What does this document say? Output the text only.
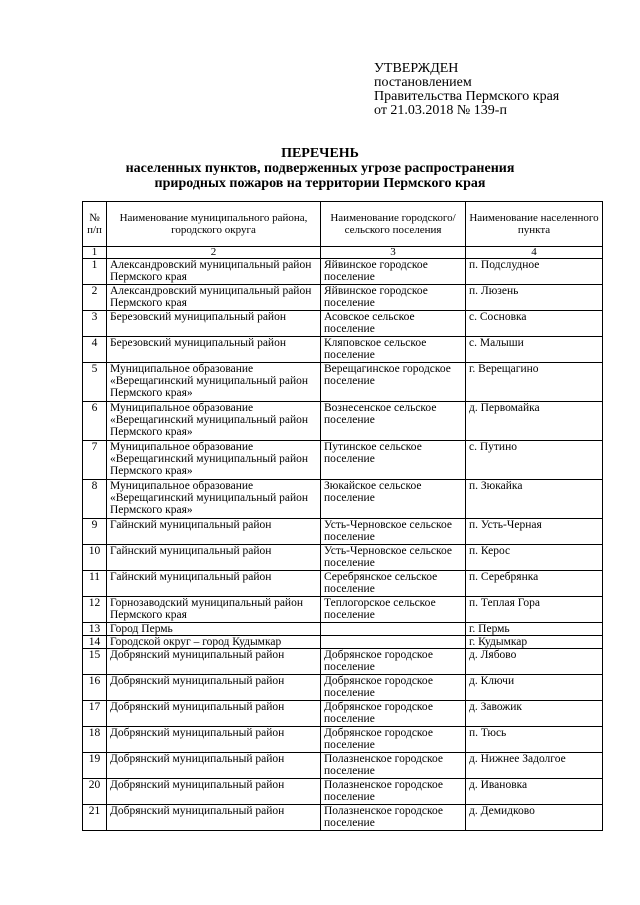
УТВЕРЖДЕН
постановлением
Правительства Пермского края
от 21.03.2018 № 139-п
ПЕРЕЧЕНЬ
населенных пунктов, подверженных угрозе распространения
природных пожаров на территории Пермского края
№ п/п	Наименование муниципального района, городского округа	Наименование городского/сельского поселения	Наименование населенного пункта
1	2	3	4
1	Александровский муниципальный район Пермского края	Яйвинское городское поселение	п. Подслудное
2	Александровский муниципальный район Пермского края	Яйвинское городское поселение	п. Люзень
3	Березовский муниципальный район	Асовское сельское поселение	с. Сосновка
4	Березовский муниципальный район	Кляповское сельское поселение	с. Малыши
5	Муниципальное образование «Верещагинский муниципальный район Пермского края»	Верещагинское городское поселение	г. Верещагино
6	Муниципальное образование «Верещагинский муниципальный район Пермского края»	Вознесенское сельское поселение	д. Первомайка
7	Муниципальное образование «Верещагинский муниципальный район Пермского края»	Путинское сельское поселение	с. Путино
8	Муниципальное образование «Верещагинский муниципальный район Пермского края»	Зюкайское сельское поселение	п. Зюкайка
9	Гайнский муниципальный район	Усть-Черновское сельское поселение	п. Усть-Черная
10	Гайнский муниципальный район	Усть-Черновское сельское поселение	п. Керос
11	Гайнский муниципальный район	Серебрянское сельское поселение	п. Серебрянка
12	Горнозаводский муниципальный район Пермского края	Теплогорское сельское поселение	п. Теплая Гора
13	Город Пермь		г. Пермь
14	Городской округ – город Кудымкар		г. Кудымкар
15	Добрянский муниципальный район	Добрянское городское поселение	д. Лябово
16	Добрянский муниципальный район	Добрянское городское поселение	д. Ключи
17	Добрянский муниципальный район	Добрянское городское поселение	д. Завожик
18	Добрянский муниципальный район	Добрянское городское поселение	п. Тюсь
19	Добрянский муниципальный район	Полазненское городское поселение	д. Нижнее Задолгое
20	Добрянский муниципальный район	Полазненское городское поселение	д. Ивановка
21	Добрянский муниципальный район	Полазненское городское поселение	д. Демидково
